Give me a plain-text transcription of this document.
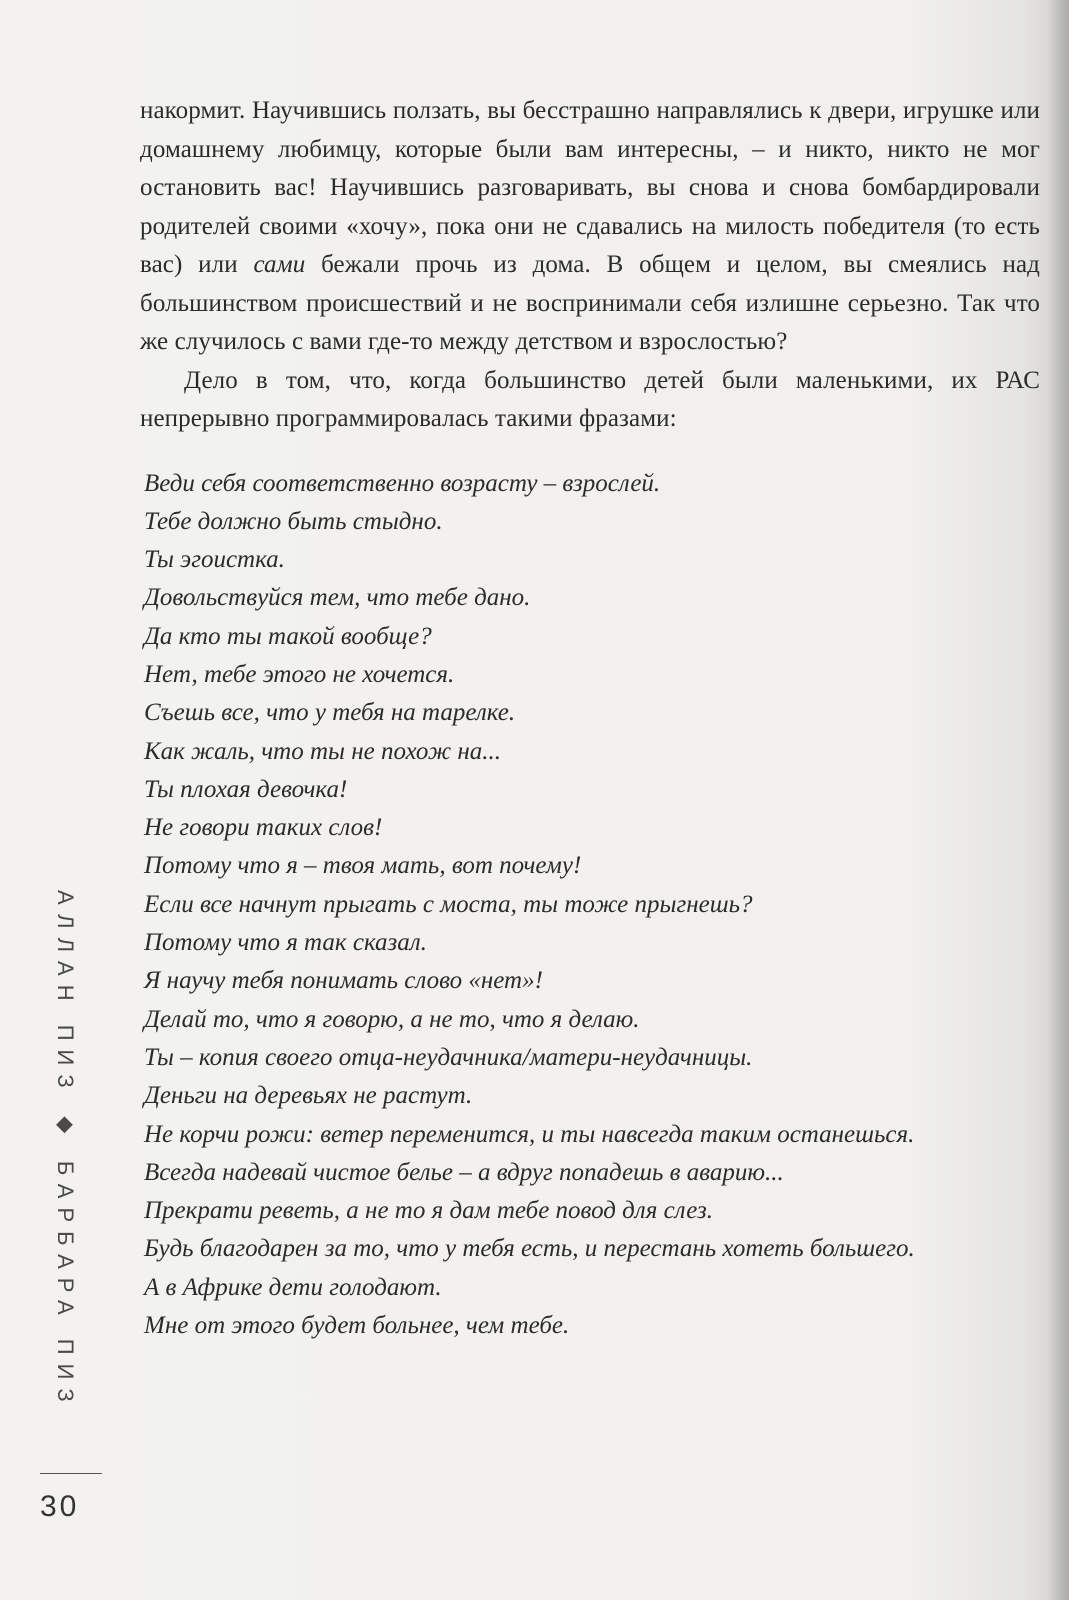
накормит. Научившись ползать, вы бесстрашно направлялись к двери, игрушке или домашнему любимцу, которые были вам интересны, – и никто, никто не мог остановить вас! Научившись разговаривать, вы снова и снова бомбардировали родителей своими «хочу», пока они не сдавались на милость победителя (то есть вас) или сами бежали прочь из дома. В общем и целом, вы смеялись над большинством происшествий и не воспринимали себя излишне серьезно. Так что же случилось с вами где-то между детством и взрослостью?

Дело в том, что, когда большинство детей были маленькими, их РАС непрерывно программировалась такими фразами:

Веди себя соответственно возрасту – взрослей.
Тебе должно быть стыдно.
Ты эгоистка.
Довольствуйся тем, что тебе дано.
Да кто ты такой вообще?
Нет, тебе этого не хочется.
Съешь все, что у тебя на тарелке.
Как жаль, что ты не похож на...
Ты плохая девочка!
Не говори таких слов!
Потому что я – твоя мать, вот почему!
Если все начнут прыгать с моста, ты тоже прыгнешь?
Потому что я так сказал.
Я научу тебя понимать слово «нет»!
Делай то, что я говорю, а не то, что я делаю.
Ты – копия своего отца-неудачника/матери-неудачницы.
Деньги на деревьях не растут.
Не корчи рожи: ветер переменится, и ты навсегда таким останешься.
Всегда надевай чистое белье – а вдруг попадешь в аварию...
Прекрати реветь, а не то я дам тебе повод для слез.
Будь благодарен за то, что у тебя есть, и перестань хотеть большего.
А в Африке дети голодают.
Мне от этого будет больнее, чем тебе.
АЛЛАН ПИЗ ◆ БАРБАРА ПИЗ
30
